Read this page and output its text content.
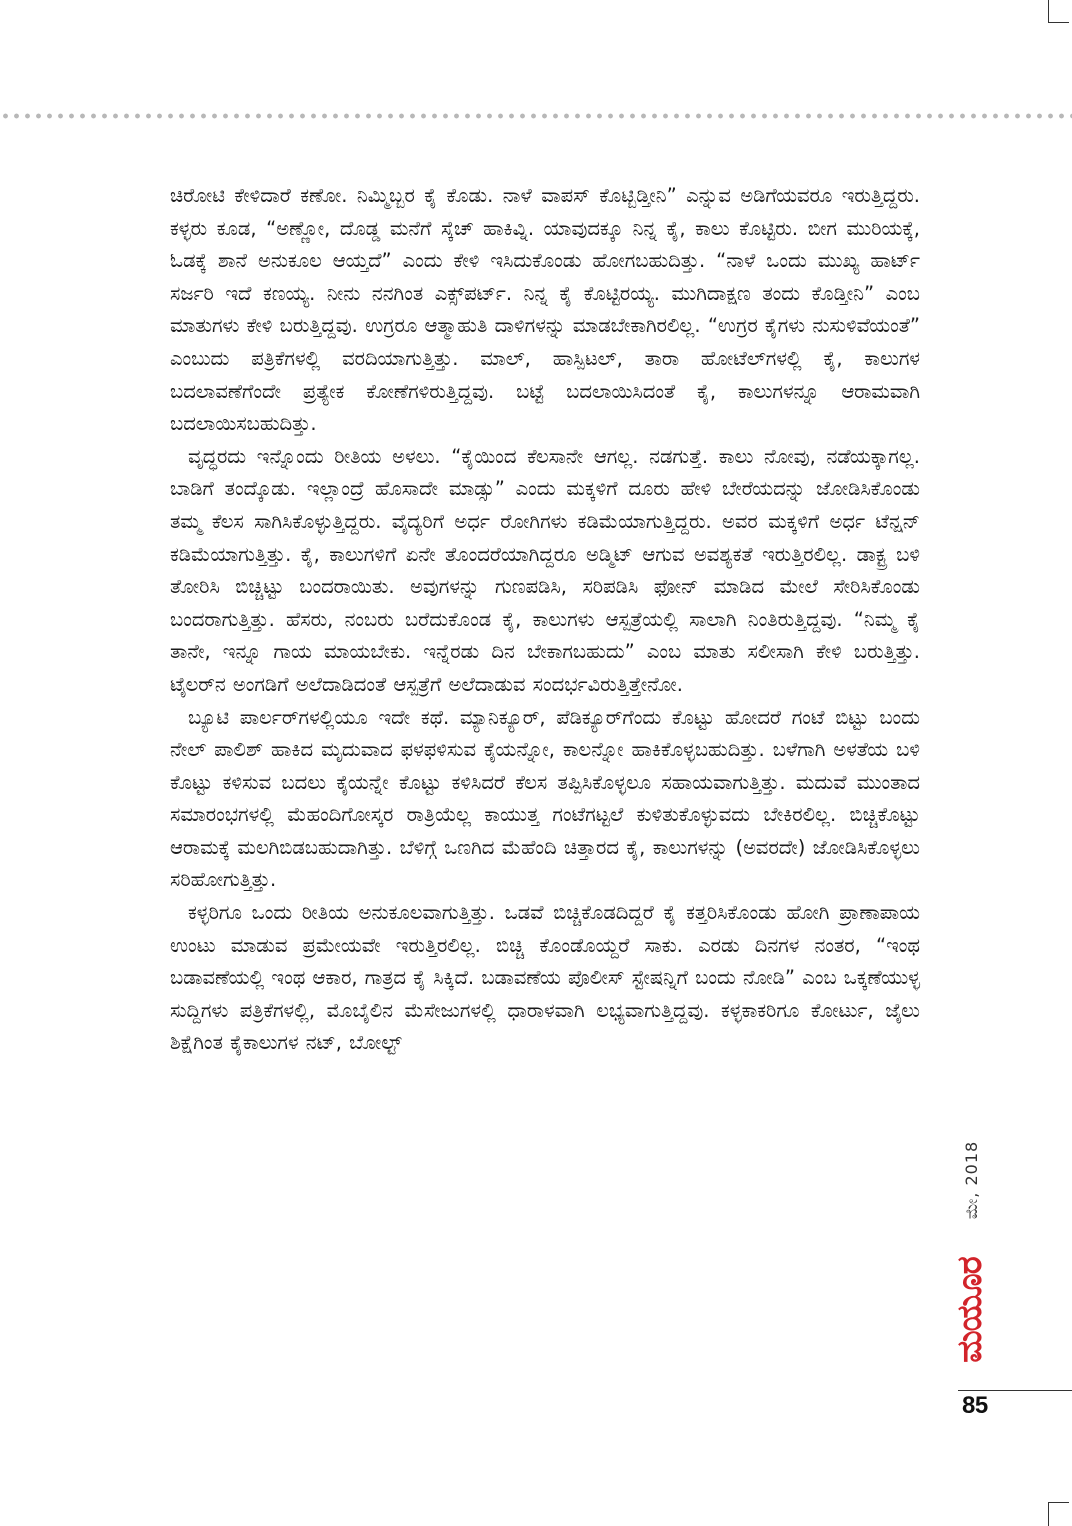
ಚಿರೋಟಿ ಕೇಳಿದಾರೆ ಕಣೋ. ನಿಮ್ಮಿಬ್ಬರ ಕೈ ಕೊಡು. ನಾಳೆ ವಾಪಸ್ ಕೊಟ್ಬಿಡ್ತೀನಿ” ಎನ್ನುವ ಅಡಿಗೆಯವರೂ ಇರುತ್ತಿದ್ದರು. ಕಳ್ಳರು ಕೂಡ, “ಅಣ್ಣೋ, ದೊಡ್ಡ ಮನೆಗೆ ಸ್ಕೆಚ್ ಹಾಕಿವ್ನಿ. ಯಾವುದಕ್ಕೂ ನಿನ್ನ ಕೈ, ಕಾಲು ಕೊಟ್ಟಿರು. ಬೀಗ ಮುರಿಯಕ್ಕೆ, ಓಡಕ್ಕೆ ಶಾನೆ ಅನುಕೂಲ ಆಯ್ತದೆ” ಎಂದು ಕೇಳಿ ಇಸಿದುಕೊಂಡು ಹೋಗಬಹುದಿತ್ತು. “ನಾಳೆ ಒಂದು ಮುಖ್ಯ ಹಾರ್ಟ್ ಸರ್ಜರಿ ಇದೆ ಕಣಯ್ಯ. ನೀನು ನನಗಿಂತ ಎಕ್ಸ್‌ಪರ್ಟ್. ನಿನ್ನ ಕೈ ಕೊಟ್ಟಿರಯ್ಯ. ಮುಗಿದಾಕ್ಷಣ ತಂದು ಕೊಡ್ತೀನಿ” ಎಂಬ ಮಾತುಗಳು ಕೇಳಿ ಬರುತ್ತಿದ್ದವು. ಉಗ್ರರೂ ಆತ್ಮಾಹುತಿ ದಾಳಿಗಳನ್ನು ಮಾಡಬೇಕಾಗಿರಲಿಲ್ಲ. “ಉಗ್ರರ ಕೈಗಳು ನುಸುಳಿವೆಯಂತೆ” ಎಂಬುದು ಪತ್ರಿಕೆಗಳಲ್ಲಿ ವರದಿಯಾಗುತ್ತಿತ್ತು. ಮಾಲ್, ಹಾಸ್ಪಿಟಲ್, ತಾರಾ ಹೋಟೆಲ್‌ಗಳಲ್ಲಿ ಕೈ, ಕಾಲುಗಳ ಬದಲಾವಣೆಗೆಂದೇ ಪ್ರತ್ಯೇಕ ಕೋಣೆಗಳಿರುತ್ತಿದ್ದವು. ಬಟ್ಟೆ ಬದಲಾಯಿಸಿದಂತೆ ಕೈ, ಕಾಲುಗಳನ್ನೂ ಆರಾಮವಾಗಿ ಬದಲಾಯಿಸಬಹುದಿತ್ತು.

ವೃದ್ಧರದು ಇನ್ನೊಂದು ರೀತಿಯ ಅಳಲು. “ಕೈಯಿಂದ ಕೆಲಸಾನೇ ಆಗಲ್ಲ. ನಡಗುತ್ತೆ. ಕಾಲು ನೋವು, ನಡೆಯಕ್ಕಾಗಲ್ಲ. ಬಾಡಿಗೆ ತಂದ್ಕೊಡು. ಇಲ್ಲಾಂದ್ರೆ ಹೊಸಾದೇ ಮಾಡ್ಸು” ಎಂದು ಮಕ್ಕಳಿಗೆ ದೂರು ಹೇಳಿ ಬೇರೆಯದನ್ನು ಜೋಡಿಸಿಕೊಂಡು ತಮ್ಮ ಕೆಲಸ ಸಾಗಿಸಿಕೊಳ್ಳುತ್ತಿದ್ದರು. ವೈದ್ಯರಿಗೆ ಅರ್ಧ ರೋಗಿಗಳು ಕಡಿಮೆಯಾಗುತ್ತಿದ್ದರು. ಅವರ ಮಕ್ಕಳಿಗೆ ಅರ್ಧ ಟೆನ್ಷನ್ ಕಡಿಮೆಯಾಗುತ್ತಿತ್ತು. ಕೈ, ಕಾಲುಗಳಿಗೆ ಏನೇ ತೊಂದರೆಯಾಗಿದ್ದರೂ ಅಡ್ಮಿಟ್ ಆಗುವ ಅವಶ್ಯಕತೆ ಇರುತ್ತಿರಲಿಲ್ಲ. ಡಾಕ್ಟ್ರ ಬಳಿ ತೋರಿಸಿ ಬಿಚ್ಚಿಟ್ಟು ಬಂದರಾಯಿತು. ಅವುಗಳನ್ನು ಗುಣಪಡಿಸಿ, ಸರಿಪಡಿಸಿ ಫೋನ್ ಮಾಡಿದ ಮೇಲೆ ಸೇರಿಸಿಕೊಂಡು ಬಂದರಾಗುತ್ತಿತ್ತು. ಹೆಸರು, ನಂಬರು ಬರೆದುಕೊಂಡ ಕೈ, ಕಾಲುಗಳು ಆಸ್ಪತ್ರೆಯಲ್ಲಿ ಸಾಲಾಗಿ ನಿಂತಿರುತ್ತಿದ್ದವು. “ನಿಮ್ಮ ಕೈ ತಾನೇ, ಇನ್ನೂ ಗಾಯ ಮಾಯಬೇಕು. ಇನ್ನೆರಡು ದಿನ ಬೇಕಾಗಬಹುದು” ಎಂಬ ಮಾತು ಸಲೀಸಾಗಿ ಕೇಳಿ ಬರುತ್ತಿತ್ತು. ಟೈಲರ್‌ನ ಅಂಗಡಿಗೆ ಅಲೆದಾಡಿದಂತೆ ಆಸ್ಪತ್ರೆಗೆ ಅಲೆದಾಡುವ ಸಂದರ್ಭವಿರುತ್ತಿತ್ತೇನೋ.

ಬ್ಯೂಟಿ ಪಾರ್ಲರ್‌ಗಳಲ್ಲಿಯೂ ಇದೇ ಕಥೆ. ಮ್ಯಾನಿಕ್ಯೂರ್, ಪೆಡಿಕ್ಯೂರ್‌ಗೆಂದು ಕೊಟ್ಟು ಹೋದರೆ ಗಂಟೆ ಬಿಟ್ಟು ಬಂದು ನೇಲ್ ಪಾಲಿಶ್ ಹಾಕಿದ ಮೃದುವಾದ ಫಳಫಳಿಸುವ ಕೈಯನ್ನೋ, ಕಾಲನ್ನೋ ಹಾಕಿಕೊಳ್ಳಬಹುದಿತ್ತು. ಬಳೆಗಾಗಿ ಅಳತೆಯ ಬಳಿ ಕೊಟ್ಟು ಕಳಿಸುವ ಬದಲು ಕೈಯನ್ನೇ ಕೊಟ್ಟು ಕಳಿಸಿದರೆ ಕೆಲಸ ತಪ್ಪಿಸಿಕೊಳ್ಳಲೂ ಸಹಾಯವಾಗುತ್ತಿತ್ತು. ಮದುವೆ ಮುಂತಾದ ಸಮಾರಂಭಗಳಲ್ಲಿ ಮೆಹಂದಿಗೋಸ್ಕರ ರಾತ್ರಿಯೆಲ್ಲ ಕಾಯುತ್ತ ಗಂಟೆಗಟ್ಟಲೆ ಕುಳಿತುಕೊಳ್ಳುವದು ಬೇಕಿರಲಿಲ್ಲ. ಬಿಚ್ಚಿಕೊಟ್ಟು ಆರಾಮಕ್ಕೆ ಮಲಗಿಬಿಡಬಹುದಾಗಿತ್ತು. ಬೆಳಿಗ್ಗೆ ಒಣಗಿದ ಮೆಹೆಂದಿ ಚಿತ್ತಾರದ ಕೈ, ಕಾಲುಗಳನ್ನು (ಅವರದೇ) ಜೋಡಿಸಿಕೊಳ್ಳಲು ಸರಿಹೋಗುತ್ತಿತ್ತು.

ಕಳ್ಳರಿಗೂ ಒಂದು ರೀತಿಯ ಅನುಕೂಲವಾಗುತ್ತಿತ್ತು. ಒಡವೆ ಬಿಚ್ಚಿಕೊಡದಿದ್ದರೆ ಕೈ ಕತ್ತರಿಸಿಕೊಂಡು ಹೋಗಿ ಪ್ರಾಣಾಪಾಯ ಉಂಟು ಮಾಡುವ ಪ್ರಮೇಯವೇ ಇರುತ್ತಿರಲಿಲ್ಲ. ಬಿಚ್ಚಿ ಕೊಂಡೊಯ್ದರೆ ಸಾಕು. ಎರಡು ದಿನಗಳ ನಂತರ, “ಇಂಥ ಬಡಾವಣೆಯಲ್ಲಿ ಇಂಥ ಆಕಾರ, ಗಾತ್ರದ ಕೈ ಸಿಕ್ಕಿದೆ. ಬಡಾವಣೆಯ ಪೊಲೀಸ್ ಸ್ಟೇಷನ್ನಿಗೆ ಬಂದು ನೋಡಿ” ಎಂಬ ಒಕ್ಕಣೆಯುಳ್ಳ ಸುದ್ದಿಗಳು ಪತ್ರಿಕೆಗಳಲ್ಲಿ, ಮೊಬೈಲಿನ ಮೆಸೇಜುಗಳಲ್ಲಿ ಧಾರಾಳವಾಗಿ ಲಭ್ಯವಾಗುತ್ತಿದ್ದವು. ಕಳ್ಳಕಾಕರಿಗೂ ಕೋರ್ಟು, ಜೈಲು ಶಿಕ್ಷೆಗಿಂತ ಕೈಕಾಲುಗಳ ನಟ್, ಬೋಲ್ಟ್

ಮೇ, 2018
ಮಯೂರ
85
